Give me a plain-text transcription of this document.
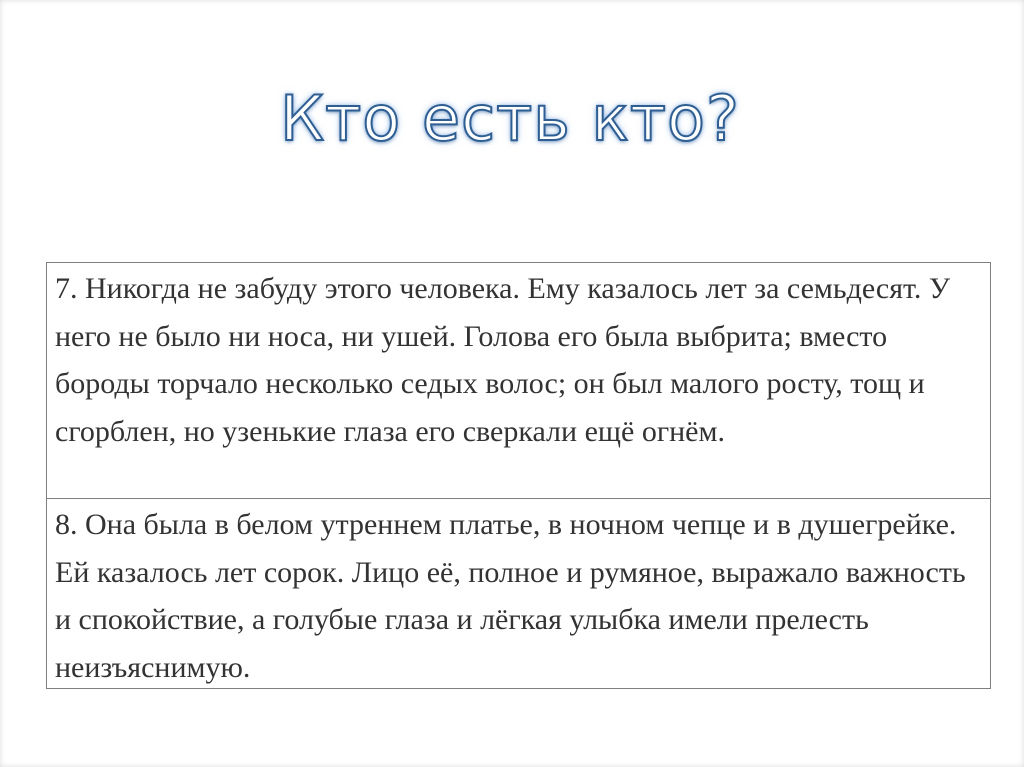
Кто есть кто?
7. Никогда не забуду этого человека. Ему казалось лет за семьдесят. У него не было ни носа, ни ушей. Голова его была выбрита; вместо бороды торчало несколько седых волос; он был малого росту, тощ и сгорблен, но узенькие глаза его сверкали ещё огнём.
8. Она была в белом утреннем платье, в ночном чепце и в душегрейке. Ей казалось лет сорок. Лицо её, полное и румяное, выражало важность и спокойствие, а голубые глаза и лёгкая улыбка имели прелесть неизъяснимую.
